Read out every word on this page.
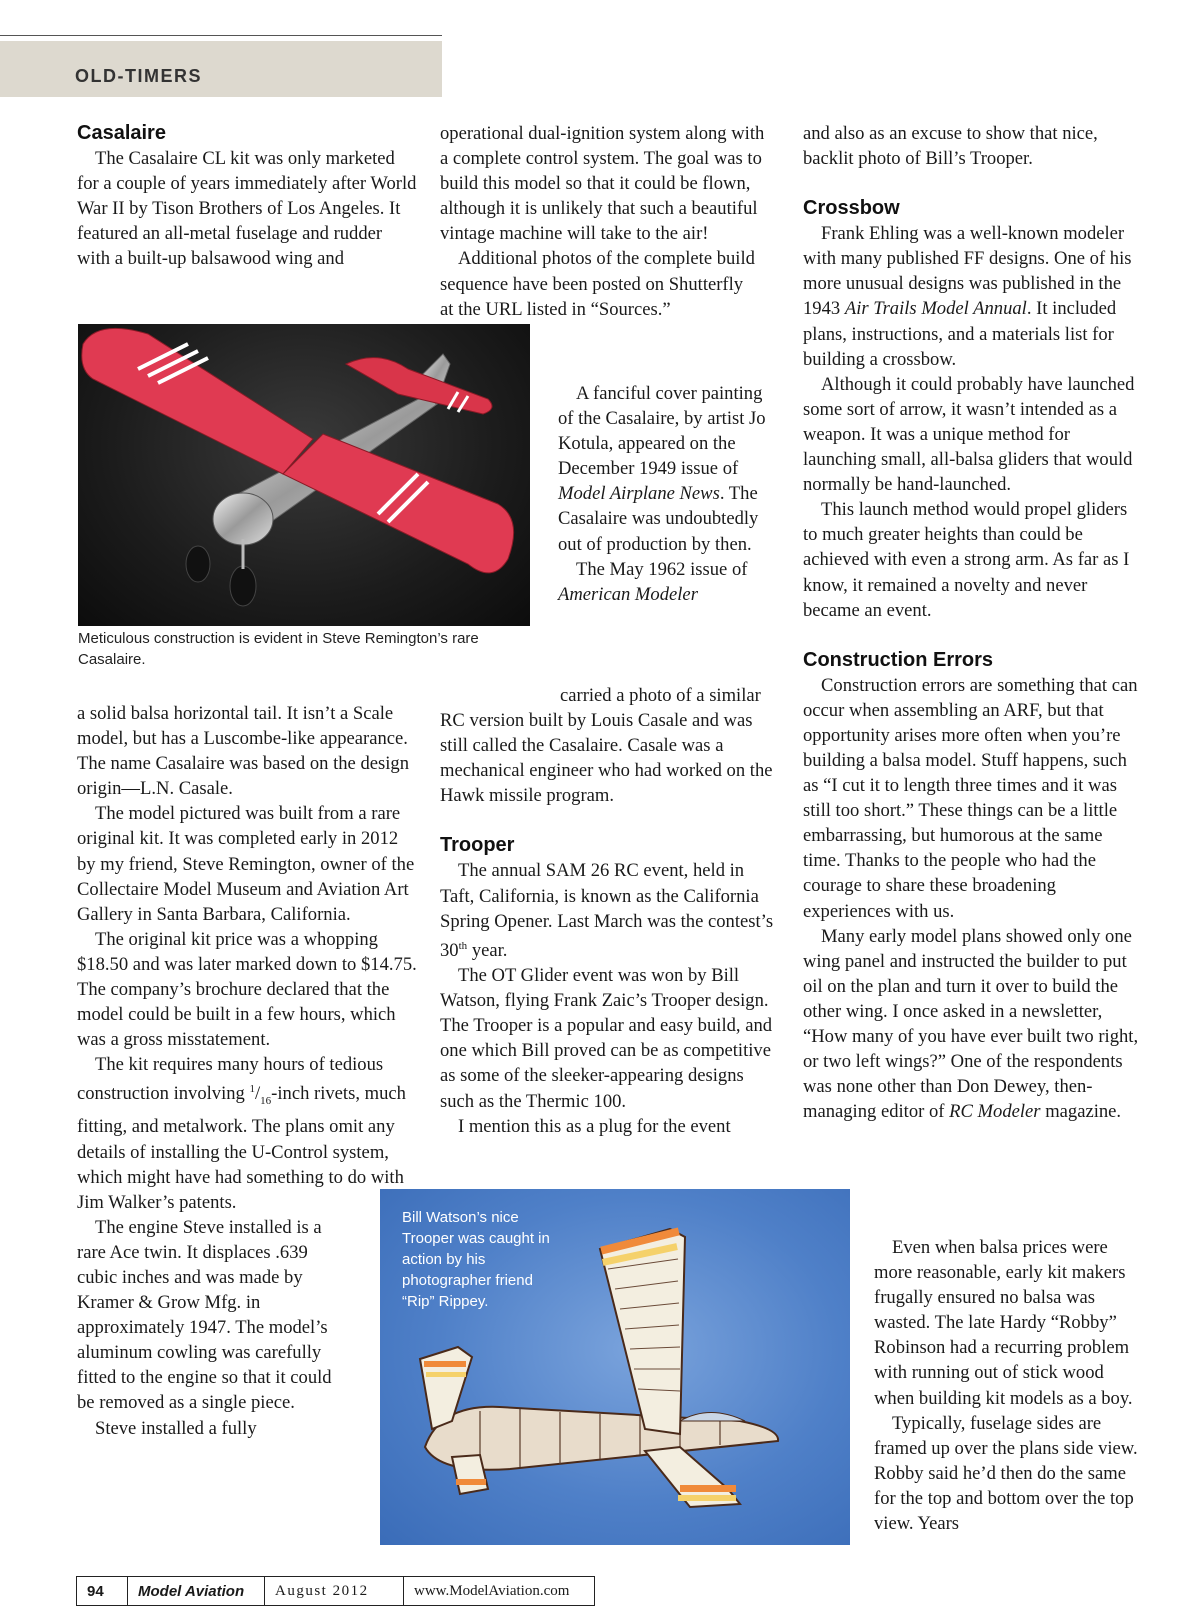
OLD-TIMERS
Casalaire

The Casalaire CL kit was only marketed for a couple of years immediately after World War II by Tison Brothers of Los Angeles. It featured an all-metal fuselage and rudder with a built-up balsawood wing and

Meticulous construction is evident in Steve Remington’s rare Casalaire.

a solid balsa horizontal tail. It isn’t a Scale model, but has a Luscombe-like appearance. The name Casalaire was based on the design origin—L.N. Casale.

The model pictured was built from a rare original kit. It was completed early in 2012 by my friend, Steve Remington, owner of the Collectaire Model Museum and Aviation Art Gallery in Santa Barbara, California.

The original kit price was a whopping $18.50 and was later marked down to $14.75. The company’s brochure declared that the model could be built in a few hours, which was a gross misstatement.

The kit requires many hours of tedious construction involving $^1/_{16}$-inch rivets, much fitting, and metalwork. The plans omit any details of installing the U-Control system, which might have had something to do with Jim Walker’s patents.

The engine Steve installed is a rare Ace twin. It displaces .639 cubic inches and was made by Kramer & Grow Mfg. in approximately 1947. The model’s aluminum cowling was carefully fitted to the engine so that it could be removed as a single piece.

Steve installed a fully

operational dual-ignition system along with a complete control system. The goal was to build this model so that it could be flown, although it is unlikely that such a beautiful vintage machine will take to the air!

Additional photos of the complete build sequence have been posted on Shutterfly at the URL listed in “Sources.”

A fanciful cover painting of the Casalaire, by artist Jo Kotula, appeared on the December 1949 issue of Model Airplane News. The Casalaire was undoubtedly out of production by then.

The May 1962 issue of American Modeler

carried a photo of a similar RC version built by Louis Casale and was still called the Casalaire. Casale was a mechanical engineer who had worked on the Hawk missile program.

Trooper

The annual SAM 26 RC event, held in Taft, California, is known as the California Spring Opener. Last March was the contest’s 30th year.

The OT Glider event was won by Bill Watson, flying Frank Zaic’s Trooper design. The Trooper is a popular and easy build, and one which Bill proved can be as competitive as some of the sleeker-appearing designs such as the Thermic 100.

I mention this as a plug for the event

Bill Watson’s nice Trooper was caught in action by his photographer friend “Rip” Rippey.

and also as an excuse to show that nice, backlit photo of Bill’s Trooper.

Crossbow

Frank Ehling was a well-known modeler with many published FF designs. One of his more unusual designs was published in the 1943 Air Trails Model Annual. It included plans, instructions, and a materials list for building a crossbow.

Although it could probably have launched some sort of arrow, it wasn’t intended as a weapon. It was a unique method for launching small, all-balsa gliders that would normally be hand-launched.

This launch method would propel gliders to much greater heights than could be achieved with even a strong arm. As far as I know, it remained a novelty and never became an event.

Construction Errors

Construction errors are something that can occur when assembling an ARF, but that opportunity arises more often when you’re building a balsa model. Stuff happens, such as “I cut it to length three times and it was still too short.” These things can be a little embarrassing, but humorous at the same time. Thanks to the people who had the courage to share these broadening experiences with us.

Many early model plans showed only one wing panel and instructed the builder to put oil on the plan and turn it over to build the other wing. I once asked in a newsletter, “How many of you have ever built two right, or two left wings?” One of the respondents was none other than Don Dewey, then-managing editor of RC Modeler magazine.

Even when balsa prices were more reasonable, early kit makers frugally ensured no balsa was wasted. The late Hardy “Robby” Robinson had a recurring problem with running out of stick wood when building kit models as a boy.

Typically, fuselage sides are framed up over the plans side view. Robby said he’d then do the same for the top and bottom over the top view. Years

94	Model Aviation	August 2012	www.ModelAviation.com
